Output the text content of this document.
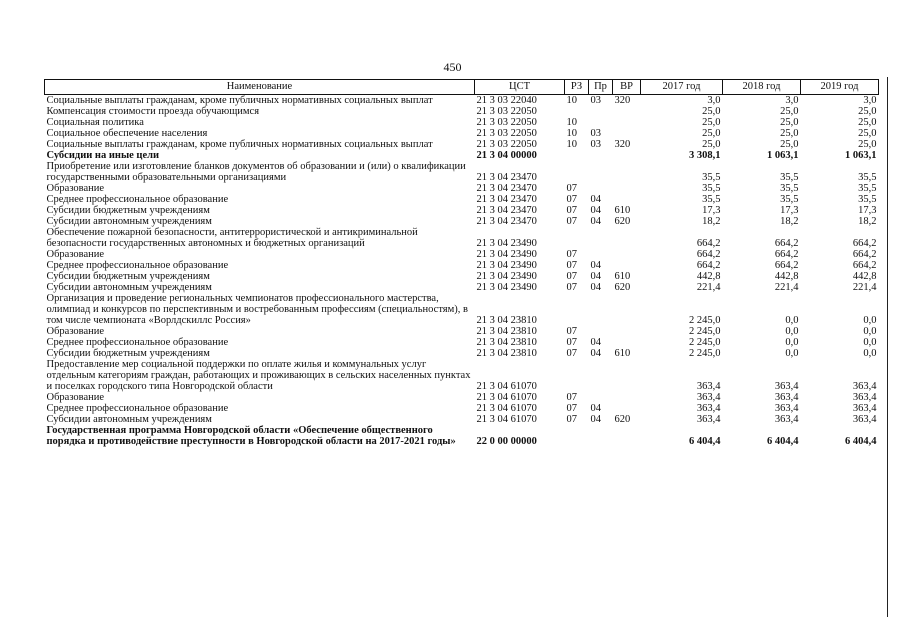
450
Наименование	ЦСТ	РЗ	Пр	ВР	2017 год	2018 год	2019 год
Социальные выплаты гражданам, кроме публичных нормативных социальных выплат	21 3 03 22040	10	03	320	3,0	3,0	3,0
Компенсация стоимости проезда обучающимся	21 3 03 22050				25,0	25,0	25,0
Социальная политика	21 3 03 22050	10			25,0	25,0	25,0
Социальное обеспечение населения	21 3 03 22050	10	03		25,0	25,0	25,0
Социальные выплаты гражданам, кроме публичных нормативных социальных выплат	21 3 03 22050	10	03	320	25,0	25,0	25,0
Субсидии на иные цели	21 3 04 00000				3 308,1	1 063,1	1 063,1
Приобретение или изготовление бланков документов об образовании и (или) о квалификации государственными образовательными организациями	21 3 04 23470				35,5	35,5	35,5
Образование	21 3 04 23470	07			35,5	35,5	35,5
Среднее профессиональное образование	21 3 04 23470	07	04		35,5	35,5	35,5
Субсидии бюджетным учреждениям	21 3 04 23470	07	04	610	17,3	17,3	17,3
Субсидии автономным учреждениям	21 3 04 23470	07	04	620	18,2	18,2	18,2
Обеспечение пожарной безопасности, антитеррористической и антикриминальной безопасности государственных автономных и бюджетных организаций	21 3 04 23490				664,2	664,2	664,2
Образование	21 3 04 23490	07			664,2	664,2	664,2
Среднее профессиональное образование	21 3 04 23490	07	04		664,2	664,2	664,2
Субсидии бюджетным учреждениям	21 3 04 23490	07	04	610	442,8	442,8	442,8
Субсидии автономным учреждениям	21 3 04 23490	07	04	620	221,4	221,4	221,4
Организация и проведение региональных чемпионатов профессионального мастерства, олимпиад и конкурсов по перспективным и востребованным профессиям (специальностям), в том числе чемпионата «Ворлдскиллс Россия»	21 3 04 23810				2 245,0	0,0	0,0
Образование	21 3 04 23810	07			2 245,0	0,0	0,0
Среднее профессиональное образование	21 3 04 23810	07	04		2 245,0	0,0	0,0
Субсидии бюджетным учреждениям	21 3 04 23810	07	04	610	2 245,0	0,0	0,0
Предоставление мер социальной поддержки по оплате жилья и коммунальных услуг отдельным категориям граждан, работающих и проживающих в сельских населенных пунктах и поселках городского типа Новгородской области	21 3 04 61070				363,4	363,4	363,4
Образование	21 3 04 61070	07			363,4	363,4	363,4
Среднее профессиональное образование	21 3 04 61070	07	04		363,4	363,4	363,4
Субсидии автономным учреждениям	21 3 04 61070	07	04	620	363,4	363,4	363,4
Государственная программа Новгородской области «Обеспечение общественного порядка и противодействие преступности в Новгородской области на 2017-2021 годы»	22 0 00 00000				6 404,4	6 404,4	6 404,4
